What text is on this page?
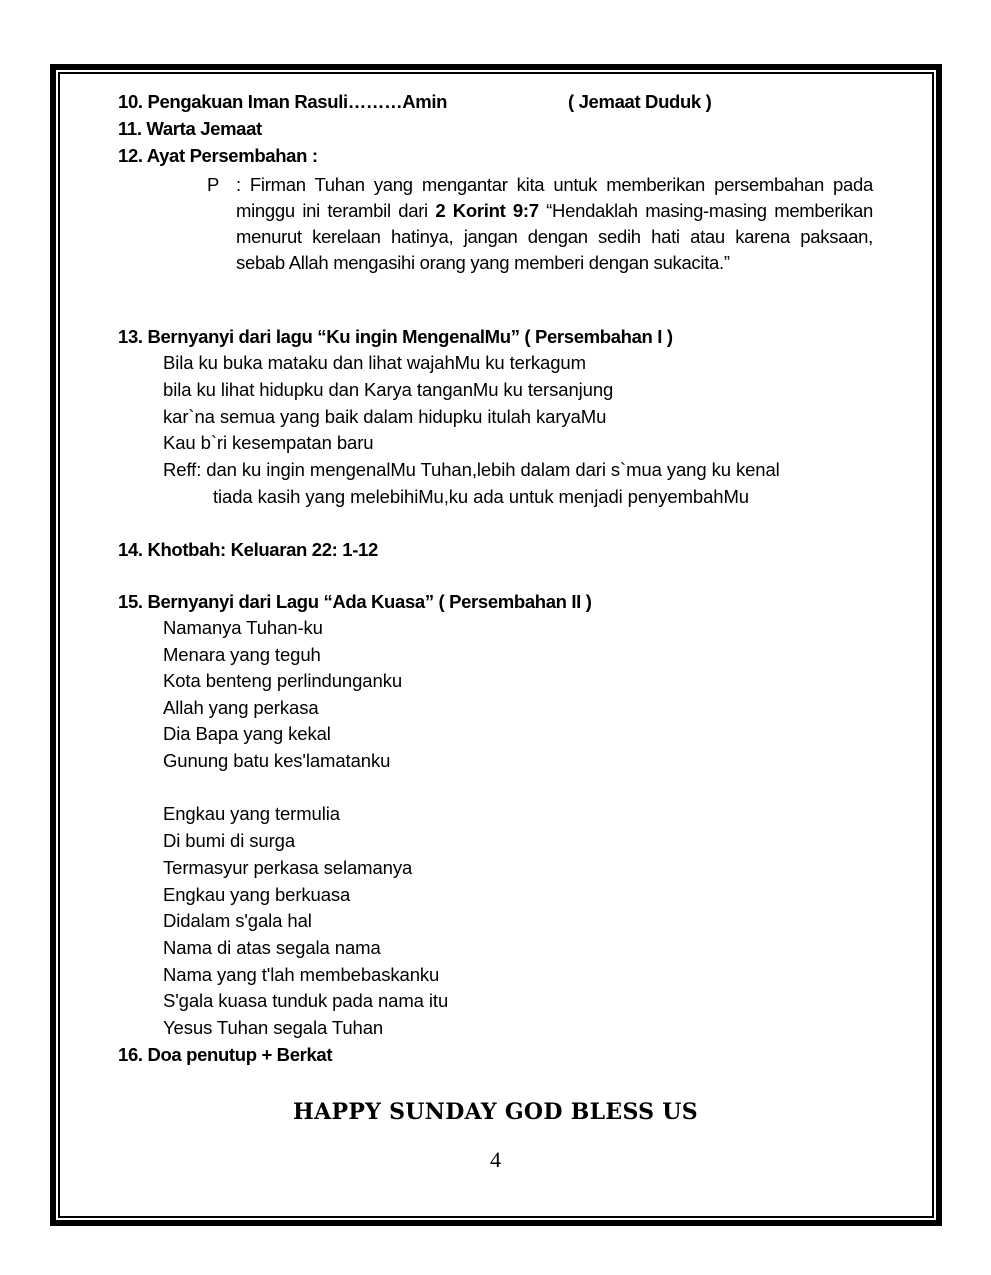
10. Pengakuan Iman Rasuli………Amin	( Jemaat Duduk )
11. Warta Jemaat
12. Ayat Persembahan :
P : Firman Tuhan yang mengantar kita untuk memberikan persembahan pada minggu ini terambil dari 2 Korint 9:7 “Hendaklah masing-masing memberikan menurut kerelaan hatinya, jangan dengan sedih hati atau karena paksaan, sebab Allah mengasihi orang yang memberi dengan sukacita.”
13. Bernyanyi dari lagu “Ku ingin MengenalMu” ( Persembahan I )
Bila ku buka mataku dan lihat wajahMu ku terkagum
bila ku lihat hidupku dan Karya tanganMu ku tersanjung
kar`na semua yang baik dalam hidupku itulah karyaMu
Kau b`ri kesempatan baru
Reff: dan ku ingin mengenalMu Tuhan,lebih dalam dari s`mua yang ku kenal
tiada kasih yang melebihiMu,ku ada untuk menjadi penyembahMu
14. Khotbah: Keluaran 22: 1-12
15. Bernyanyi dari Lagu “Ada Kuasa” ( Persembahan II )
Namanya Tuhan-ku
Menara yang teguh
Kota benteng perlindunganku
Allah yang perkasa
Dia Bapa yang kekal
Gunung batu kes'lamatanku
Engkau yang termulia
Di bumi di surga
Termasyur perkasa selamanya
Engkau yang berkuasa
Didalam s'gala hal
Nama di atas segala nama
Nama yang t'lah membebaskanku
S'gala kuasa tunduk pada nama itu
Yesus Tuhan segala Tuhan
16. Doa penutup + Berkat
HAPPY SUNDAY GOD BLESS US
4
